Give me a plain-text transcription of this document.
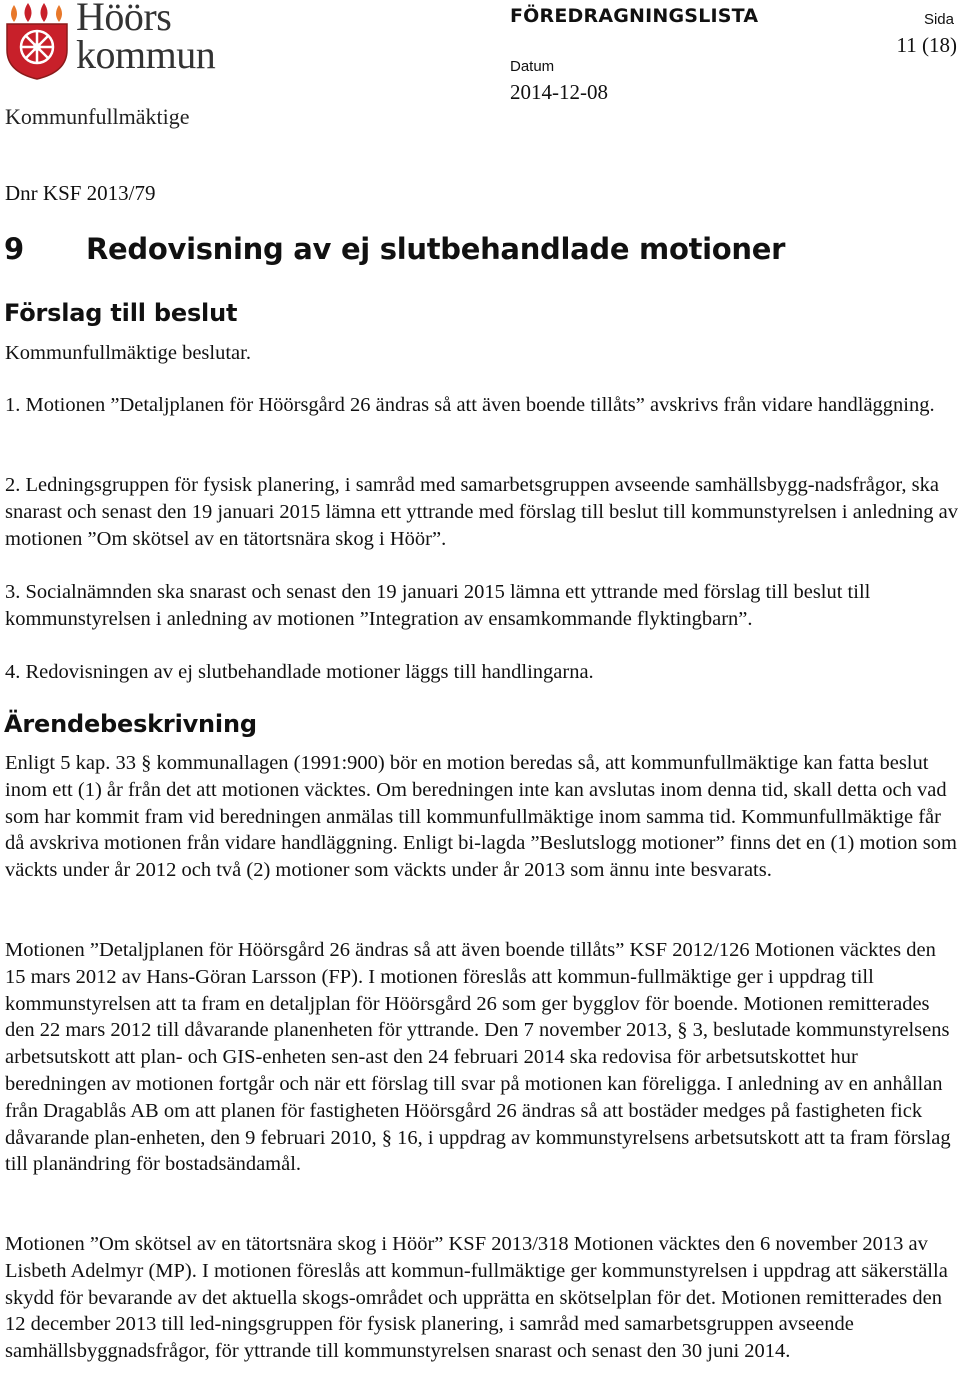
Höörs
kommun
Kommunfullmäktige
FÖREDRAGNINGSLISTA
Datum
2014-12-08
Sida
11 (18)
Dnr KSF 2013/79
9 Redovisning av ej slutbehandlade motioner
Förslag till beslut
Kommunfullmäktige beslutar.
1. Motionen ”Detaljplanen för Höörsgård 26 ändras så att även boende tillåts” avskrivs från vidare handläggning.
2. Ledningsgruppen för fysisk planering, i samråd med samarbetsgruppen avseende samhällsbygg-nadsfrågor, ska snarast och senast den 19 januari 2015 lämna ett yttrande med förslag till beslut till kommunstyrelsen i anledning av motionen ”Om skötsel av en tätortsnära skog i Höör”.
3. Socialnämnden ska snarast och senast den 19 januari 2015 lämna ett yttrande med förslag till beslut till kommunstyrelsen i anledning av motionen ”Integration av ensamkommande flyktingbarn”.
4. Redovisningen av ej slutbehandlade motioner läggs till handlingarna.
Ärendebeskrivning
Enligt 5 kap. 33 § kommunallagen (1991:900) bör en motion beredas så, att kommunfullmäktige kan fatta beslut inom ett (1) år från det att motionen väcktes. Om beredningen inte kan avslutas inom denna tid, skall detta och vad som har kommit fram vid beredningen anmälas till kommunfullmäktige inom samma tid. Kommunfullmäktige får då avskriva motionen från vidare handläggning. Enligt bi-lagda ”Beslutslogg motioner” finns det en (1) motion som väckts under år 2012 och två (2) motioner som väckts under år 2013 som ännu inte besvarats.
Motionen ”Detaljplanen för Höörsgård 26 ändras så att även boende tillåts” KSF 2012/126 Motionen väcktes den 15 mars 2012 av Hans-Göran Larsson (FP). I motionen föreslås att kommun-fullmäktige ger i uppdrag till kommunstyrelsen att ta fram en detaljplan för Höörsgård 26 som ger bygglov för boende. Motionen remitterades den 22 mars 2012 till dåvarande planenheten för yttrande. Den 7 november 2013, § 3, beslutade kommunstyrelsens arbetsutskott att plan- och GIS-enheten sen-ast den 24 februari 2014 ska redovisa för arbetsutskottet hur beredningen av motionen fortgår och när ett förslag till svar på motionen kan föreligga. I anledning av en anhållan från Dragablås AB om att planen för fastigheten Höörsgård 26 ändras så att bostäder medges på fastigheten fick dåvarande plan-enheten, den 9 februari 2010, § 16, i uppdrag av kommunstyrelsens arbetsutskott att ta fram förslag till planändring för bostadsändamål.
Motionen ”Om skötsel av en tätortsnära skog i Höör” KSF 2013/318 Motionen väcktes den 6 november 2013 av Lisbeth Adelmyr (MP). I motionen föreslås att kommun-fullmäktige ger kommunstyrelsen i uppdrag att säkerställa skydd för bevarande av det aktuella skogs-området och upprätta en skötselplan för det. Motionen remitterades den 12 december 2013 till led-ningsgruppen för fysisk planering, i samråd med samarbetsgruppen avseende samhällsbyggnadsfrågor, för yttrande till kommunstyrelsen snarast och senast den 30 juni 2014.
